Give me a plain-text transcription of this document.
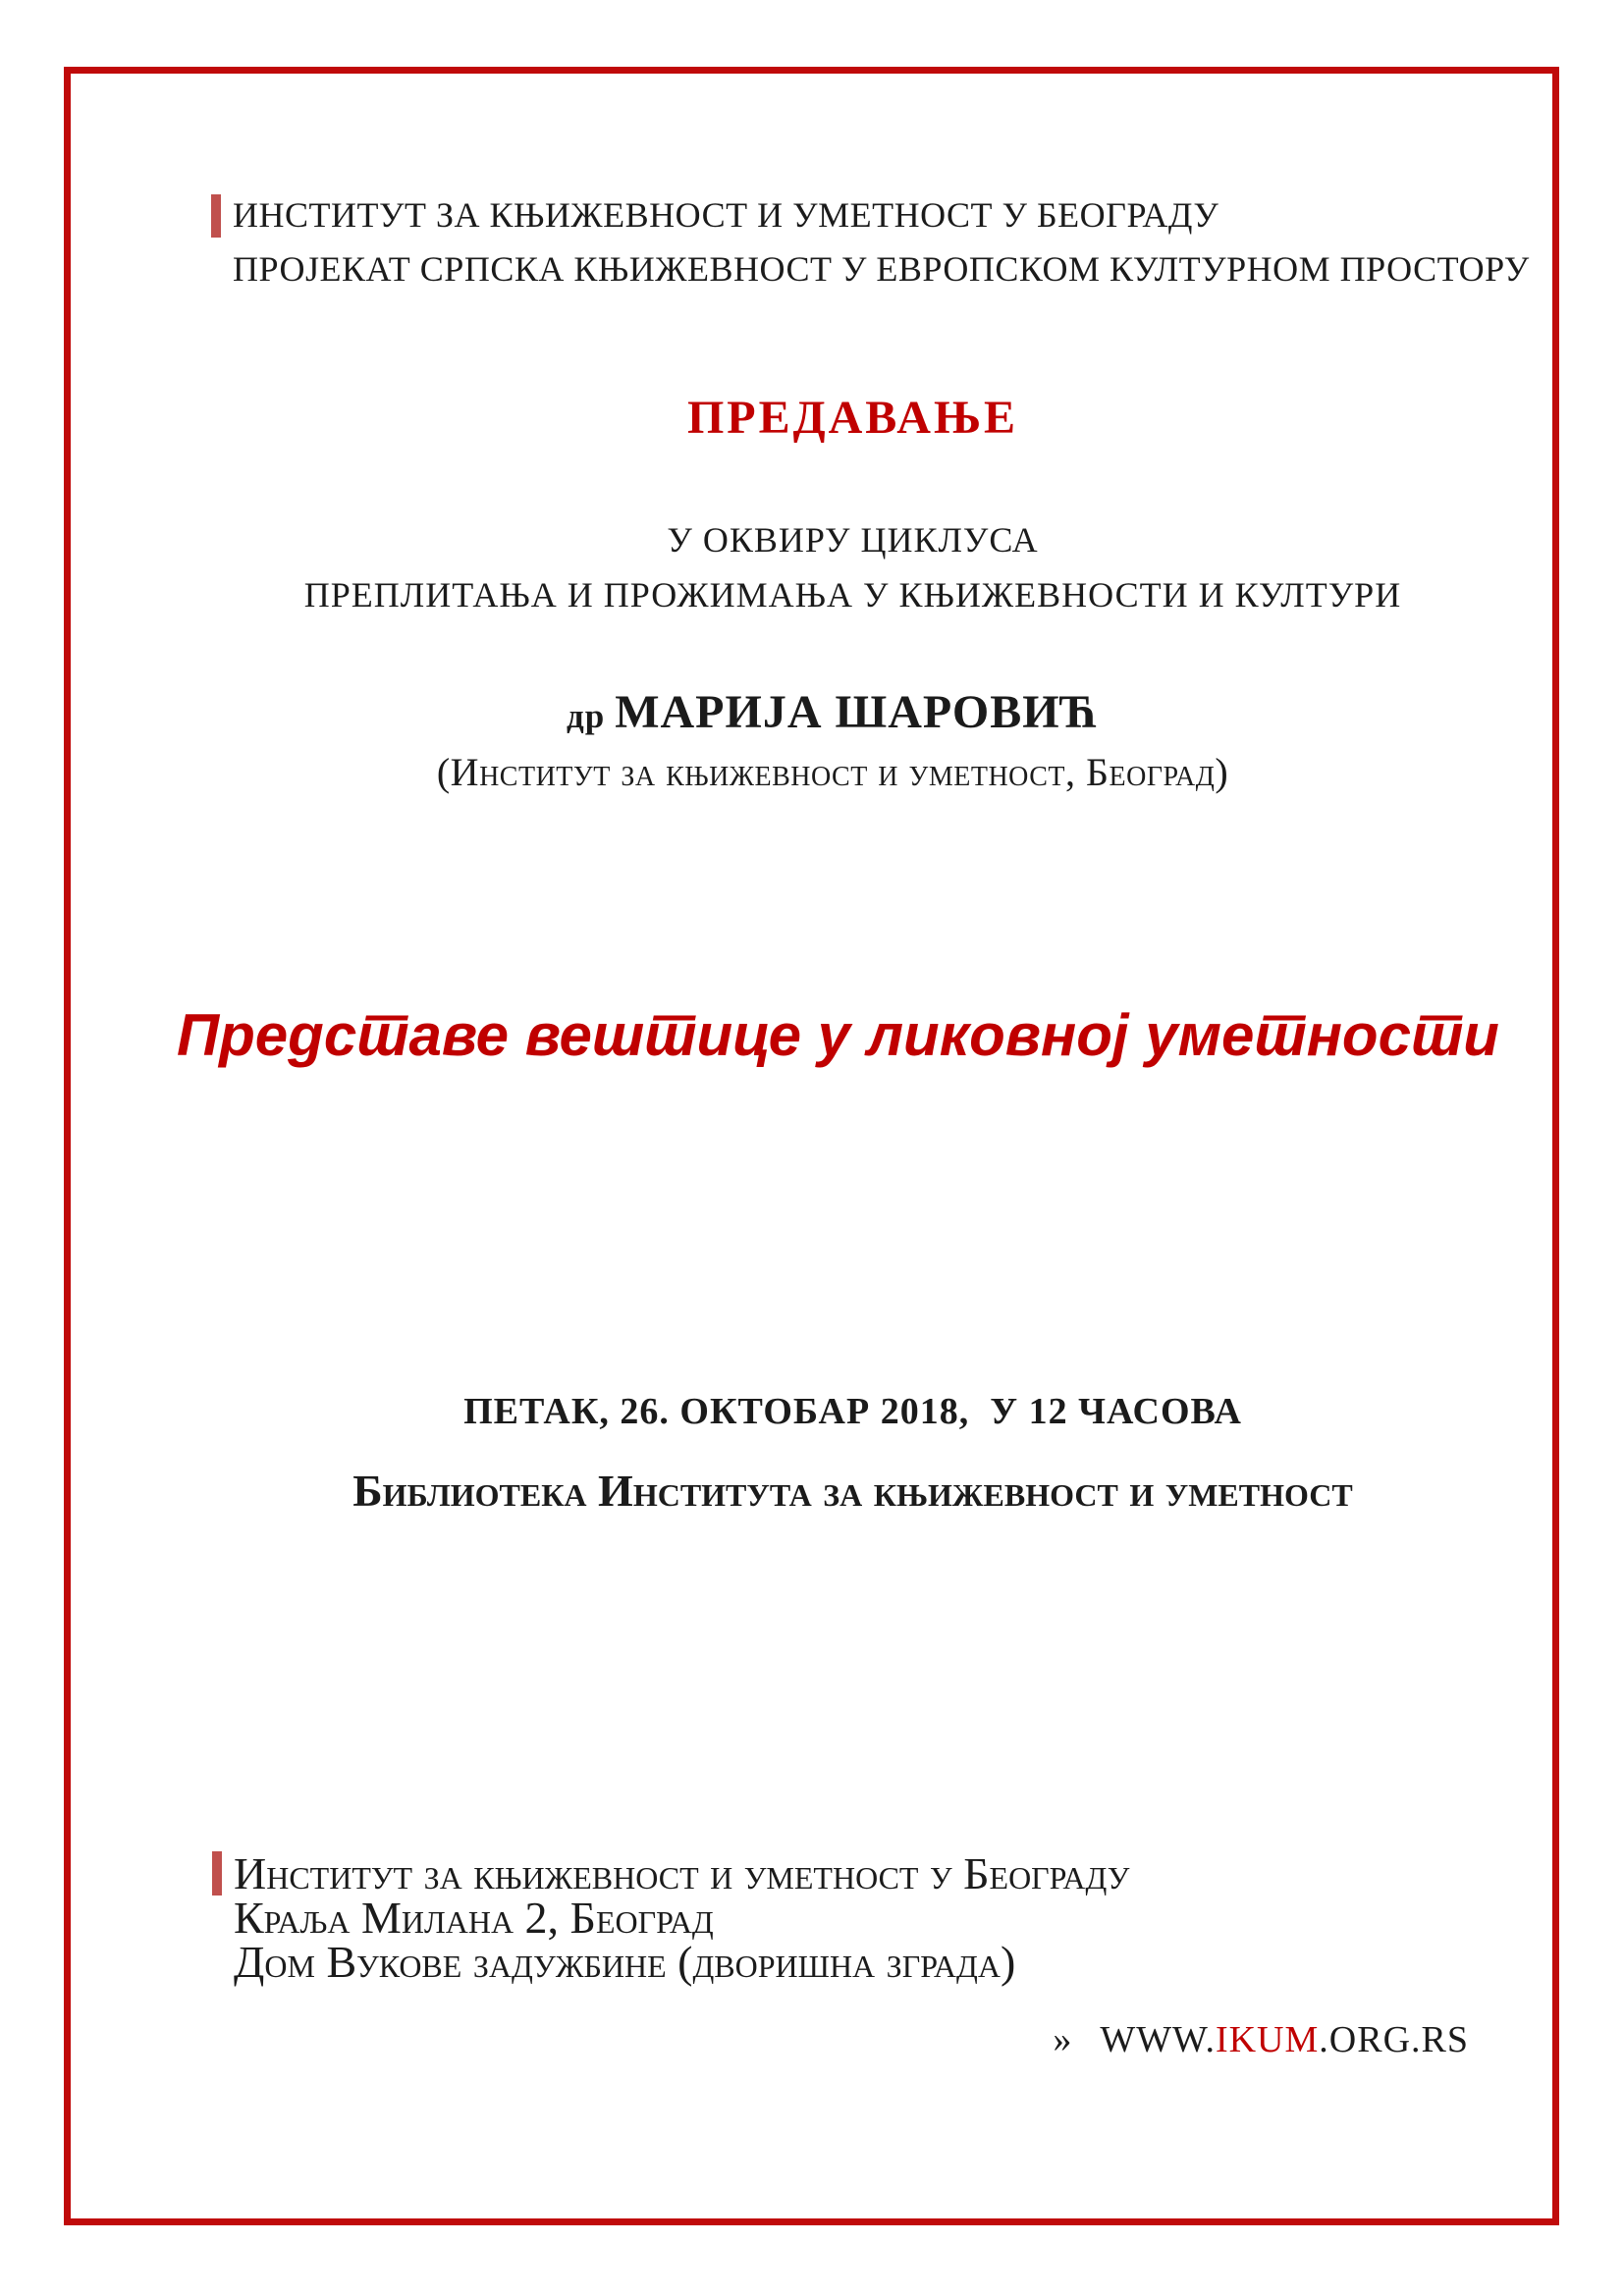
ИНСТИТУТ ЗА КЊИЖЕВНОСТ И УМЕТНОСТ У БЕОГРАДУ
ПРОЈЕКАТ СРПСКА КЊИЖЕВНОСТ У ЕВРОПСКОМ КУЛТУРНОМ ПРОСТОРУ
ПРЕДАВАЊЕ
У ОКВИРУ ЦИКЛУСА
ПРЕПЛИТАЊА И ПРОЖИМАЊА У КЊИЖЕВНОСТИ И КУЛТУРИ
др МАРИЈА ШАРОВИЋ
(Институт за књижевност и уметност, Београд)
Представе вештице у ликовној уметности
ПЕТАК, 26. ОКТОБАР 2018,  У 12 ЧАСОВА
Библиотека Института за књижевност и уметност
Институт за књижевност и уметност у Београду
Краља Милана 2, Београд
Дом Вукове задужбине (дворишна зграда)
» WWW.IKUM.ORG.RS
